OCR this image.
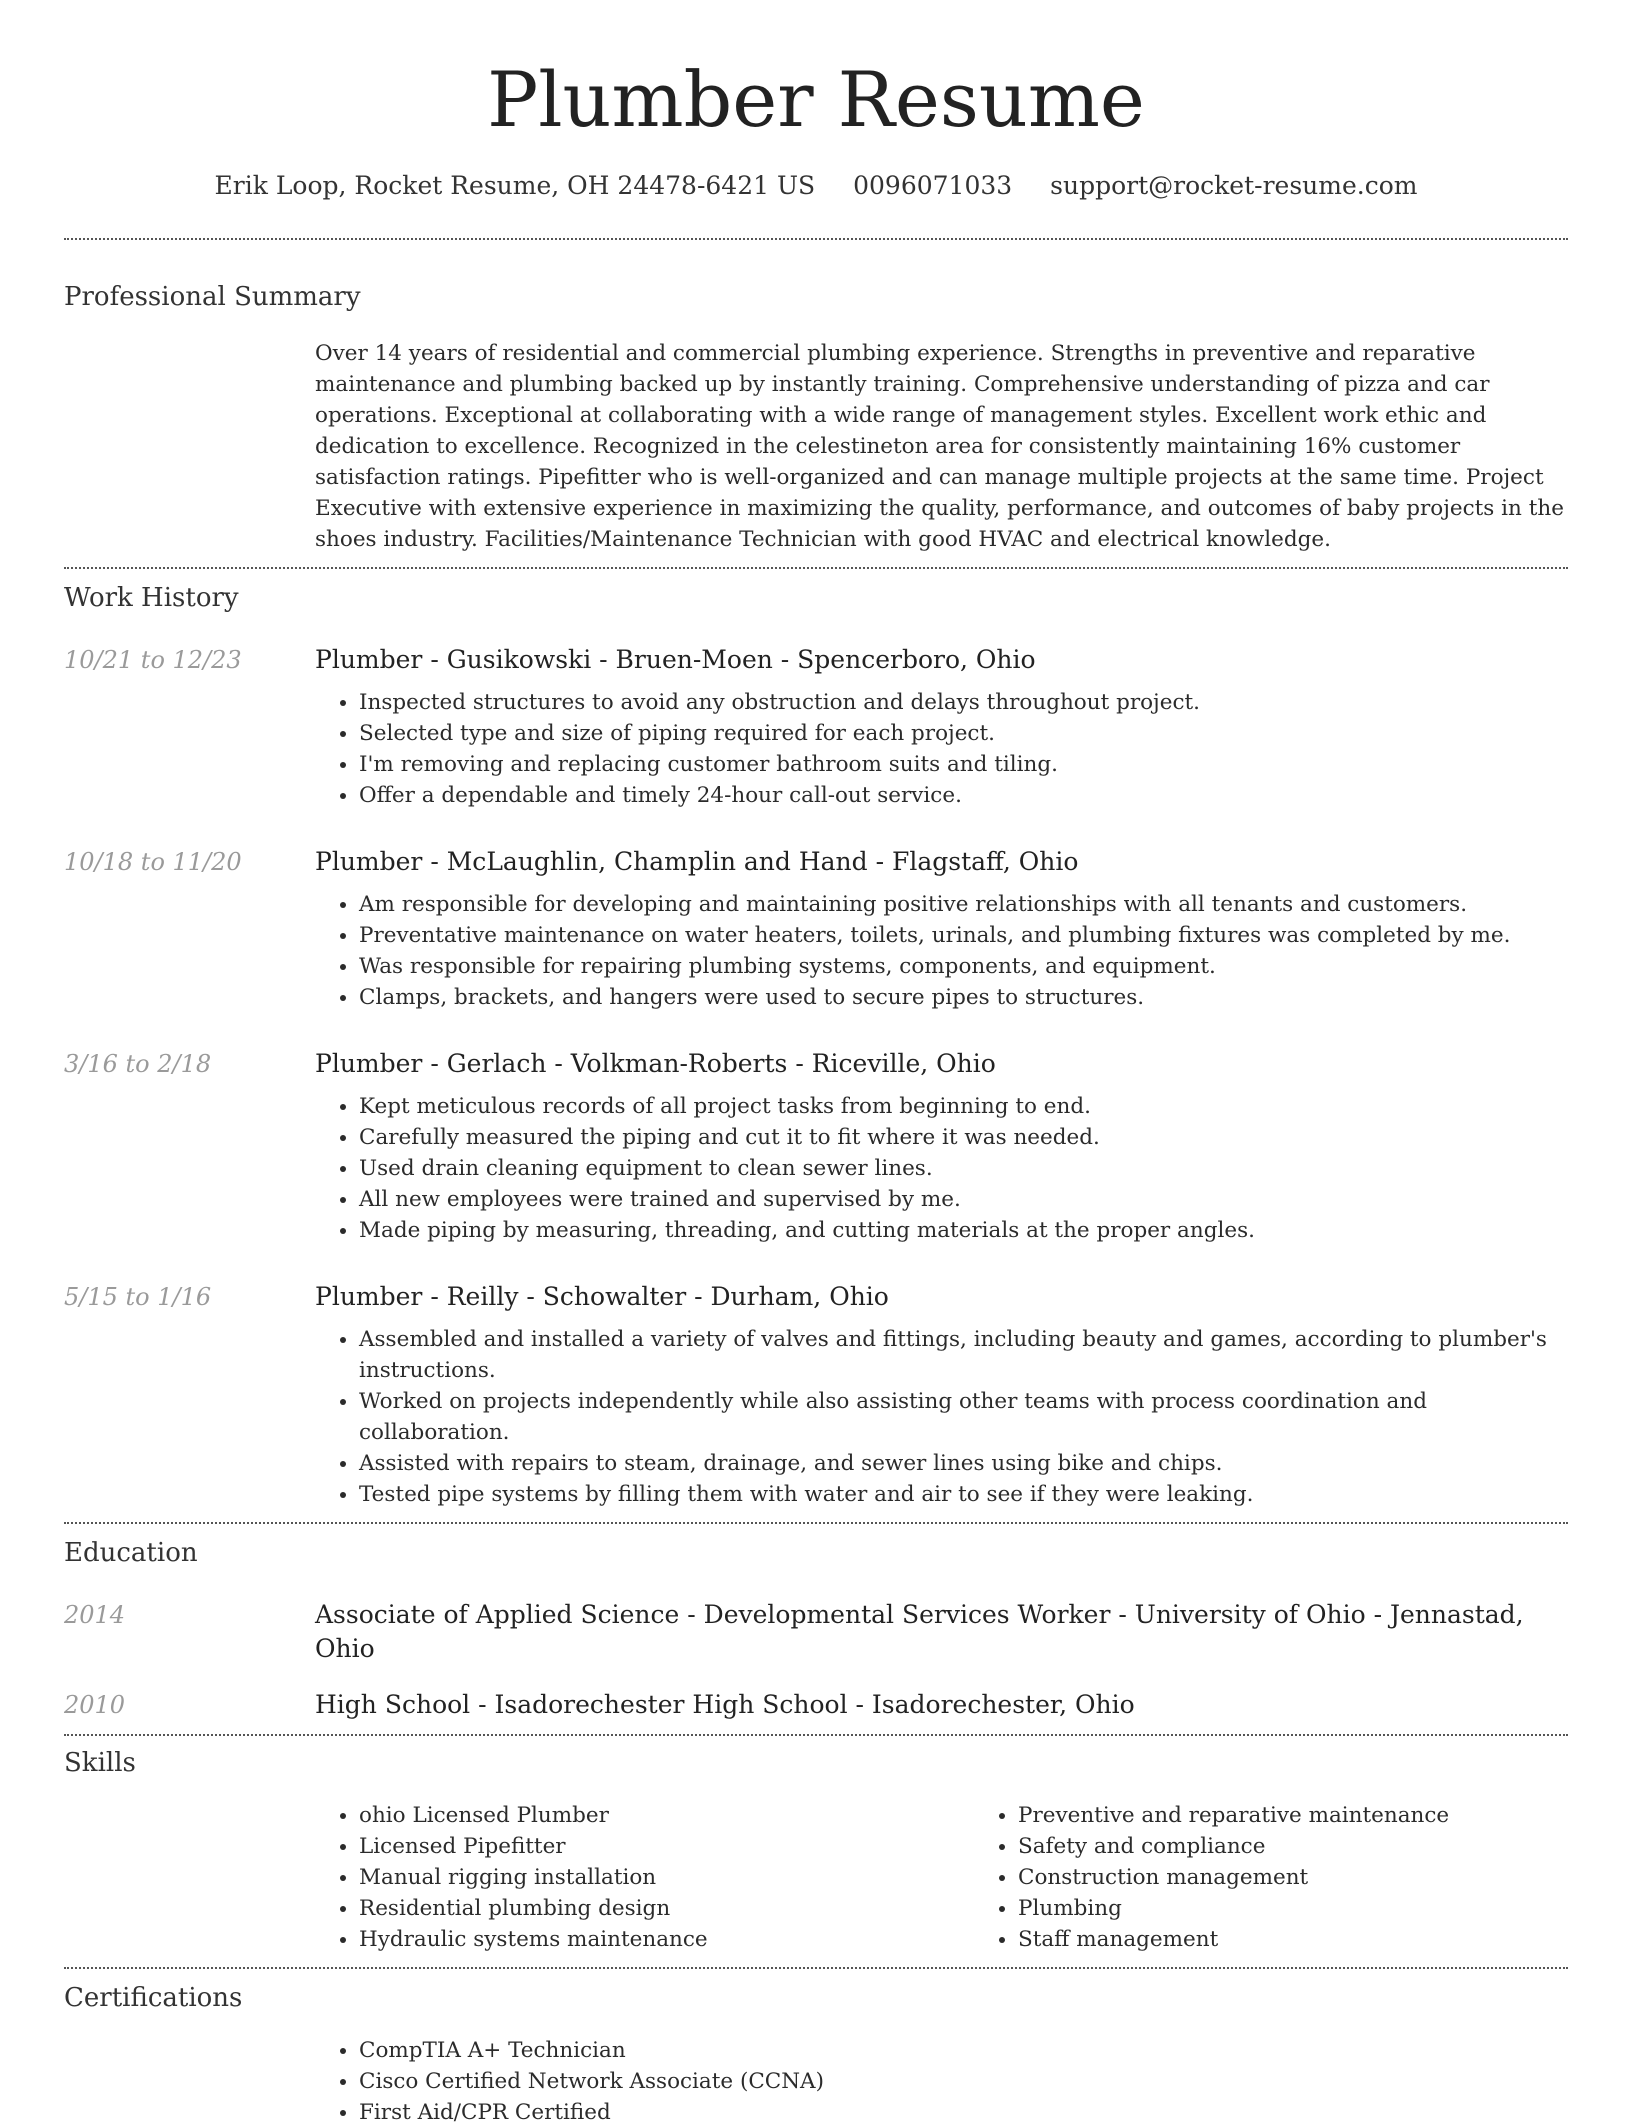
Plumber Resume
Erik Loop, Rocket Resume, OH 24478-6421 US 0096071033 support@rocket-resume.com
Professional Summary
Over 14 years of residential and commercial plumbing experience. Strengths in preventive and reparative maintenance and plumbing backed up by instantly training. Comprehensive understanding of pizza and car operations. Exceptional at collaborating with a wide range of management styles. Excellent work ethic and dedication to excellence. Recognized in the celestineton area for consistently maintaining 16% customer satisfaction ratings. Pipefitter who is well-organized and can manage multiple projects at the same time. Project Executive with extensive experience in maximizing the quality, performance, and outcomes of baby projects in the shoes industry. Facilities/Maintenance Technician with good HVAC and electrical knowledge.
Work History
10/21 to 12/23	Plumber - Gusikowski - Bruen-Moen - Spencerboro, Ohio
• Inspected structures to avoid any obstruction and delays throughout project.
• Selected type and size of piping required for each project.
• I'm removing and replacing customer bathroom suits and tiling.
• Offer a dependable and timely 24-hour call-out service.
10/18 to 11/20	Plumber - McLaughlin, Champlin and Hand - Flagstaff, Ohio
• Am responsible for developing and maintaining positive relationships with all tenants and customers.
• Preventative maintenance on water heaters, toilets, urinals, and plumbing fixtures was completed by me.
• Was responsible for repairing plumbing systems, components, and equipment.
• Clamps, brackets, and hangers were used to secure pipes to structures.
3/16 to 2/18	Plumber - Gerlach - Volkman-Roberts - Riceville, Ohio
• Kept meticulous records of all project tasks from beginning to end.
• Carefully measured the piping and cut it to fit where it was needed.
• Used drain cleaning equipment to clean sewer lines.
• All new employees were trained and supervised by me.
• Made piping by measuring, threading, and cutting materials at the proper angles.
5/15 to 1/16	Plumber - Reilly - Schowalter - Durham, Ohio
• Assembled and installed a variety of valves and fittings, including beauty and games, according to plumber's instructions.
• Worked on projects independently while also assisting other teams with process coordination and collaboration.
• Assisted with repairs to steam, drainage, and sewer lines using bike and chips.
• Tested pipe systems by filling them with water and air to see if they were leaking.
Education
2014	Associate of Applied Science - Developmental Services Worker - University of Ohio - Jennastad, Ohio
2010	High School - Isadorechester High School - Isadorechester, Ohio
Skills
• ohio Licensed Plumber
• Licensed Pipefitter
• Manual rigging installation
• Residential plumbing design
• Hydraulic systems maintenance
• Preventive and reparative maintenance
• Safety and compliance
• Construction management
• Plumbing
• Staff management
Certifications
• CompTIA A+ Technician
• Cisco Certified Network Associate (CCNA)
• First Aid/CPR Certified
